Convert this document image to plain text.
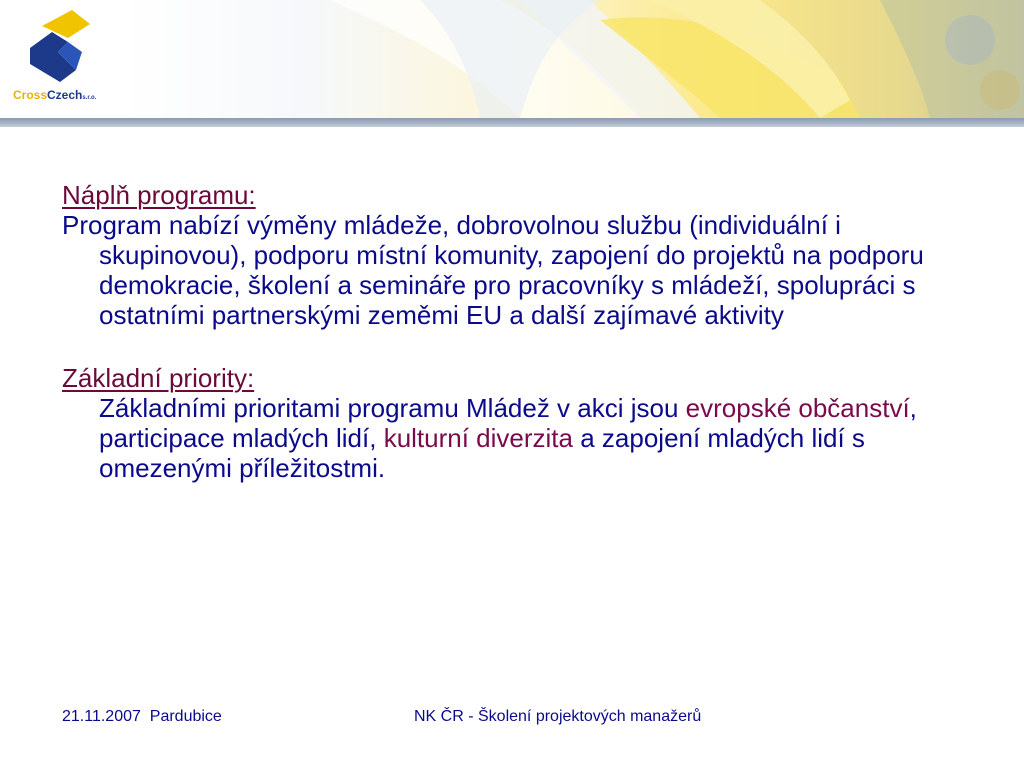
CrossCzechs.r.o.
Náplň programu:

Program nabízí výměny mládeže, dobrovolnou službu (individuální i skupinovou), podporu místní komunity, zapojení do projektů na podporu demokracie, školení a semináře pro pracovníky s mládeží, spolupráci s ostatními partnerskými zeměmi EU a další zajímavé aktivity

Základní priority:

Základními prioritami programu Mládež v akci jsou evropské občanství, participace mladých lidí, kulturní diverzita a zapojení mladých lidí s omezenými příležitostmi.

21.11.2007  Pardubice	NK ČR - Školení projektových manažerů
